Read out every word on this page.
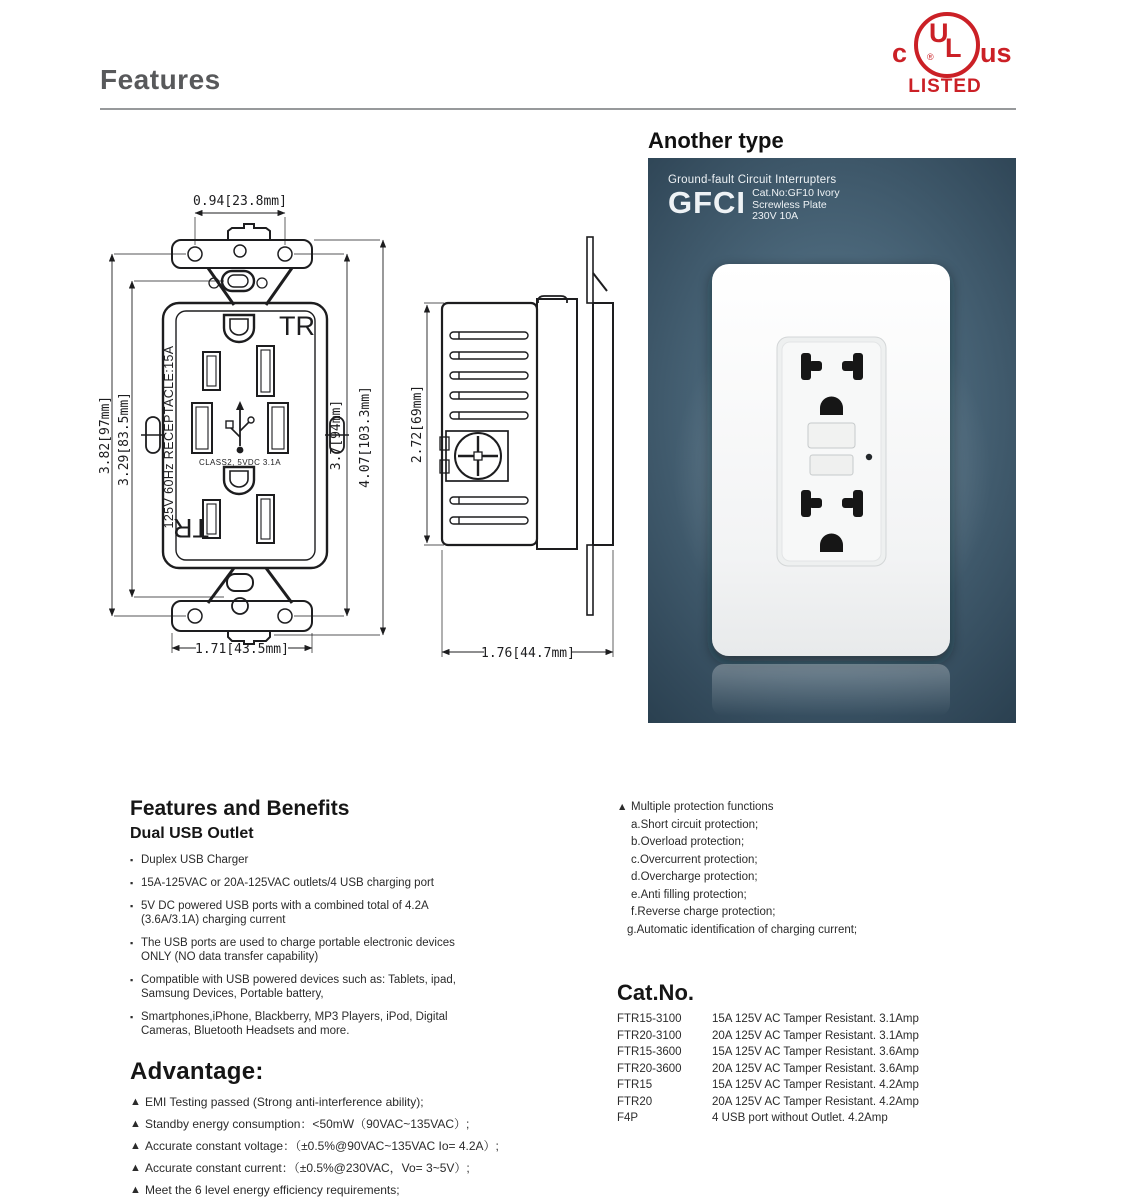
Features
c
U
L
® us
LISTED
Another type
Ground-fault Circuit Interrupters
GFCI Cat.No:GF10 Ivory
Screwless Plate
230V 10A
0.94[23.8mm]
3.82[97mm] 3.29[83.5mm]	3.7[94mm] 4.07[103.3mm]
1.71[43.5mm]
2.72[69mm]
1.76[44.7mm]
TR
TR
125V 60Hz RECEPTACLE:15A	CLASS2, 5VDC 3.1A
Features and Benefits
Dual USB Outlet
▪ Duplex USB Charger
▪ 15A-125VAC or 20A-125VAC outlets/4 USB charging port
▪ 5V DC powered USB ports with a combined total of 4.2A (3.6A/3.1A) charging current
▪ The USB ports are used to charge portable electronic devices ONLY (NO data transfer capability)
▪ Compatible with USB powered devices such as: Tablets, ipad, Samsung Devices, Portable battery,
▪ Smartphones,iPhone, Blackberry, MP3 Players, iPod, Digital Cameras, Bluetooth Headsets and more.
Advantage:
▲ EMI Testing passed (Strong anti-interference ability);
▲ Standby energy consumption：<50mW（90VAC~135VAC）;
▲ Accurate constant voltage：（±0.5%@90VAC~135VAC Io= 4.2A）;
▲ Accurate constant current：（±0.5%@230VAC，Vo= 3~5V）;
▲ Meet the 6 level energy efficiency requirements;
▲ Multiple protection functions
a.Short circuit protection;
b.Overload protection;
c.Overcurrent protection;
d.Overcharge protection;
e.Anti filling protection;
f.Reverse charge protection;
g.Automatic identification of charging current;
Cat.No.
FTR15-3100	15A 125V AC Tamper Resistant. 3.1Amp
FTR20-3100	20A 125V AC Tamper Resistant. 3.1Amp
FTR15-3600	15A 125V AC Tamper Resistant. 3.6Amp
FTR20-3600	20A 125V AC Tamper Resistant. 3.6Amp
FTR15	15A 125V AC Tamper Resistant. 4.2Amp
FTR20	20A 125V AC Tamper Resistant. 4.2Amp
F4P	4 USB port without Outlet. 4.2Amp
